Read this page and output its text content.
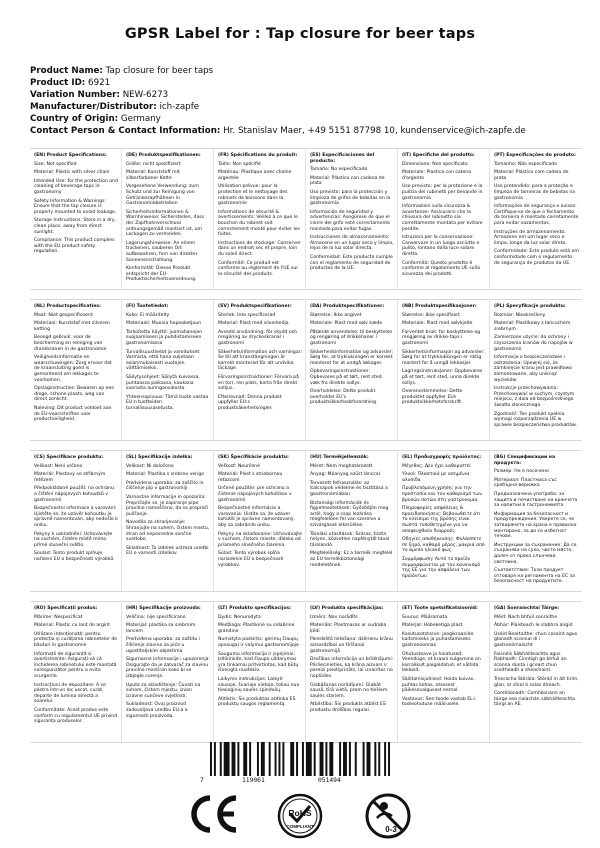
GPSR Label for : Tap closure for beer taps
Product Name: Tap closure for beer taps
Product ID: 6921
Variation Number: NEW-6273
Manufacturer/Distributor: ich-zapfe
Country of Origin: Germany
Contact Person & Contact Information: Hr. Stanislav Maer, +49 5151 87798 10, kundenservice@ich-zapfe.de

(EN) Product Specifications:

Size: Not specified

Material: Plastic with silver chain

Intended Use: for the protection and cleaning of beverage taps in gastronomy

Safety Information & Warnings: Ensure that the tap closure is properly mounted to avoid leakage.

Storage Instructions: Store in a dry, clean place, away from direct sunlight.

Compliance: This product complies with the EU product safety regulation.

(DE) Produktspezifikationen:

Größe: nicht spezifiziert

Material: Kunststoff mit silberfarbener Kette

Vorgesehene Verwendung: zum Schutz und zur Reinigung von Getränkezapfhähnen in Gastronomiebetrieben

Sicherheitsinformationen & Warnhinweise: Sicherstellen, dass der Zapfhahnverschluss ordnungsgemäß montiert ist, um Leckagen zu vermeiden.

Lagerungshinweise: An einem trockenen, sauberen Ort aufbewahren, fern von direkter Sonneneinstrahlung.

Konformität: Dieses Produkt entspricht der EU-Produktsicherheitsverordnung.

(FR) Spécifications du produit:

Taille: Non spécifié

Matériau: Plastique avec chaîne argentée

Utilisation prévue: pour la protection et le nettoyage des robinets de boissons dans la gastronomie

Informations de sécurité & avertissements: Veillez à ce que le bouchon du robinet soit correctement monté pour éviter les fuites.

Instructions de stockage: Conserver dans un endroit sec et propre, loin du soleil direct.

Conformité: Ce produit est conforme au règlement de l'UE sur la sécurité des produits.

(ES) Especificaciones del producto:

Tamaño: No especificado

Material: Plástico con cadena de plata

Uso previsto: para la protección y limpieza de grifos de bebidas en la gastronomía

Información de seguridad y advertencias: Asegúrese de que el cierre del grifo esté correctamente montado para evitar fugas.

Instrucciones de almacenamiento: Almacene en un lugar seco y limpio, lejos de la luz solar directa.

Conformidad: Este producto cumple con el reglamento de seguridad de productos de la UE.

(IT) Specifiche del prodotto:

Dimensione: Non specificato

Materiale: Plastica con catena d'argento

Uso previsto: per la protezione e la pulizia dei rubinetti per bevande in gastronomia

Informazioni sulla sicurezza & avvertenze: Assicurarsi che la chiusura del rubinetto sia correttamente montata per evitare perdite.

Istruzioni per la conservazione: Conservare in un luogo asciutto e pulito, lontano dalla luce solare diretta.

Conformità: Questo prodotto è conforme al regolamento UE sulla sicurezza dei prodotti.

(PT) Especificações do produto:

Tamanho: Não especificado

Material: Plástico com cadeia de prata

Uso pretendido: para a proteção e limpeza de torneiras de bebidas na gastronomia

Informações de segurança e avisos: Certifique-se de que o fechamento da torneira é montado corretamente para evitar vazamentos.

Instruções de armazenamento: Armazene em um lugar seco e limpo, longe da luz solar direta.

Conformidade: Este produto está em conformidade com o regulamento de segurança de produtos da UE.

(NL) Productspecificaties:

Maat: Niet gespecificeerd

Materiaal: Kunststof met zilveren ketting

Beoogd gebruik: voor de bescherming en reiniging van drankkranen in de gastronomie

Veiligheidsinformatie en waarschuwingen: Zorg ervoor dat de kraansluiting goed is gemonteerd om lekkages te voorkomen.

Opslaginstructies: Bewaren op een droge, schone plaats, weg van direct zonlicht.

Naleving: Dit product voldoet aan de EU-voorschriften voor productveiligheid.

(FI) Tuotetiedot:

Koko: Ei määritelty

Materiaali: Muovia hopeaketjuun

Tarkoitettu käyttö: juomahanojen suojaamiseen ja puhdistamiseen gastronomiassa

Turvallisuustiedot ja varoitukset: Varmista, että hana suljetaan asianmukaisesti vuotojen välttämiseksi.

Säilytysohjeet: Säilytä kuivassa, puhtaassa paikassa, kaukana suorasta auringonvalosta.

Yhteensopivuus: Tämä tuote vastaa EU:n tuotteiden turvallisuusasetusta.

(SV) Produktspecifikationer:

Storlek: Inte specificerad

Material: Plast med silverkedja

Avsedd användning: för skydd och rengöring av dryckeskranar i gastronomi

Säkerhetsinformation och varningar: Se till att kranstängningen är korrekt monterad för att undvika läckage.

Förvaringsinstruktioner: Förvara på en torr, ren plats, borta från direkt solljus.

Efterlevnad: Denna produkt uppfyller EU:s produktsäkerhetsregler.

(DA) Produktspecifikationer:

Størrelse: Ikke angivet

Materiale: Plast med sølv kæde

Påtænkt anvendelse: til beskyttelse og rengøring af drikkehaner i gastronomi

Sikkerhedsinformation og advarsler: Sørg for, at tryklukningen er korrekt monteret for at undgå lækager.

Opbevaringsinstruktioner: Opbevares på et tørt, rent sted, væk fra direkte sollys.

Overholdelse: Dette produkt overholder EU's produktsikkerhedsforordning.

(NB) Produktspesifikasjoner:

Størrelse: Ikke spesifisert

Materiale: Plast med sølvkjede

Forventet bruk: for beskyttelse og rengjøring av drikke-taps i gastronomi

Sikkerhetsinformasjon og advarsler: Sørg for at trykklukkingen er riktig montert for å unngå lekkasjer.

Lagringsinstruksjoner: Oppbevares på et tørt, rent sted, unna direkte sollys.

Overensstemmelse: Dette produktet oppfyller EUs produktsikkerhetsforskrift.

(PL) Specyfikacje produktu:

Rozmiar: Nieokreślony

Materiał: Plastikowy z łańcuchem srebrnym

Zamierzone użycie: do ochrony i czyszczenia kranów do napojów w gastronomii

Informacje o bezpieczeństwie i ostrzeżenia: Upewnij się, że zamknięcie kranu jest prawidłowo zamontowane, aby uniknąć wycieków.

Instrukcje przechowywania: Przechowywać w suchym, czystym miejscu, z dala od bezpośredniego światła słonecznego.

Zgodność: Ten produkt spełnia wymogi rozporządzenia UE w sprawie bezpieczeństwa produktów.

(CS) Specifikace produktu:

Velikost: Není určeno

Materiál: Plastový se stříbrným řetězem

Předpokládané použití: na ochranu a čištění nápojových kohoutků v gastronomii

Bezpečnostní informace a varování: Ujistěte se, že uzávěr kohoutku je správně namontován, aby nedošlo k úniku.

Pokyny k uskladnění: Uchovávejte na suchém, čistém místě mimo přímé sluneční světlo.

Soulad: Tento produkt splňuje nařízení EU o bezpečnosti výrobků.

(SL) Specifikacije izdelka:

Velikost: Ni določeno

Material: Plastika s srebrno verigo

Predvidena uporaba: za zaščito in čiščenje pip v gastronomiji

Varnostne informacije in opozorila: Prepričajte se, je zapiranje pipe pravilno nameščeno, da se prepreči puščanje.

Navodila za shranjevanje: Shranjujte na suhem, čistem mestu, stran od neposredne sončne svetlobe.

Skladnost: Ta izdelek ustreza uredbi EU o varnosti izdelkov.

(SK) Špecifikácie produktu:

Veľkosť: Neurčené

Materiál: Plast s striebornou reťazcom

Určené použitie: pre ochranu a čistenie nápojových kohútikov v gastronómii

Bezpečnostné informácie a varovania: Uistite sa, že uzáver kohútik je správne namontovaný, aby sa zabránilo úniku.

Pokyny na skladovanie: Uchovávajte v suchom, čistom mieste, ďaleko od priameho slnečného žiarenia.

Súlad: Tento výrobok spĺňa nariadenie EÚ o bezpečnosti výrobkov.

(HU) Termékjellemzők:

Méret: Nem meghatározott

Anyag: Műanyag ezüst lánccal

Tervezett felhasználás: az italcsapok védelme és tisztítása a gasztronómiában

Biztonsági információk és figyelmeztetések: Győződjön meg arról, hogy a csap lezárása megfelelően fel van szerelve a szivárgások elkerülése.

Tárolási utasítások: Száraz, tiszta helyen, közvetlen napfénytől távol tárolandó.

Megfelelőség: Ez a termék megfelel az EU termékbiztonsági rendeletének.

(EL) Προδιαγραφές προϊόντος:

Μέγεθος: Δεν έχει καθοριστεί

Υλικό: Πλαστικό με ασημένια αλυσίδα

Προβλεπόμενη χρήση: για την προστασία και τον καθαρισμό των βρυσών ποτών στη γαστρονομία

Πληροφορίες ασφάλειας & προειδοποιήσεις: Βεβαιωθείτε ότι το κλείσιμο της βρύσης είναι σωστά τοποθετημένο για να αποφευχθούν διαρροές.

Οδηγίες αποθήκευσης: Φυλάσσετε σε ξηρό, καθαρό μέρος, μακριά από το άμεσο ηλιακό φως.

Συμμόρφωση: Αυτό το προϊόν συμμορφώνεται με τον κανονισμό της ΕΕ για την ασφάλεια των προϊόντων.

(BG) Спецификации на продукта:

Размер: Не е посочено

Материал: Пластмаса със сребърна верижка

Предназначена употреба: за защита и почистване на кранчета за напитки в гастрономията

Информация за безопасност и предупреждения: Уверете се, че затварянето на крана е правилно монтирано, за да се избегнат течове.

Инструкции за съхранение: Да се съхранява на сухо, чисто място, далеч от пряка слънчева светлина.

Съответствие: Този продукт отговаря на регламента на ЕС за безопасност на продуктите.

(RO) Specificații produs:

Mărime: Nespecificat

Material: Plastic cu lanț de argint

Utilizare intenționată: pentru protecția și curățarea robinetelor de băuturi în gastronomie

Informații de siguranță și avertismente: Asigurați-vă că închiderea robinetului este montată corespunzător pentru a evita scurgerile.

Instrucțiuni de depozitare: A se păstra într-un loc uscat, curat, departe de lumina directă a soarelui.

Conformitate: Acest produs este conform cu regulamentul UE privind siguranța produselor.

(HR) Specifikacije proizvoda:

Veličina: nije specificirano

Materijal: plastika sa srebrnim lancem

Predviđena uporaba: za zaštitu i čišćenje slavina za piće u ugostiteljskim objektima

Sigurnosne informacije i upozorenja: Osigurajte da je zatvarač za slavinu pravilno montiran kako bi se izbjeglo curenje.

Upute za skladištenje: Čuvati na suhom, čistom mjestu, izvan izravne sunčeve svjetlosti.

Sukladnost: Ovaj proizvod zadovoljava uredbu EU-a o sigurnosti proizvoda.

(LT) Produkto specifikacijos:

Dydis: Nenurodyta

Medžiaga: Plastikinė su sidabrine grandine

Numatyta paskirtis: gėrimų čiaupų apsaugai ir valymui gastronomijoje

Saugumo informacija ir įspėjimai: Įsitikinkite, kad čiaupo uždarymas yra tinkamai pritvirtintas, kad būtų išvengta nuotėkio.

Laikymo instrukcijos: Laikyti sausoje, švarioje vietoje, toliau nuo tiesioginių saulės spindulių.

Atitiktis: Šis produktas atitinka ES produktų saugos reglamentą.

(LV) Produkta specifikācijas:

Izmērs: Nav norādīts

Materiāls: Plastmasas ar sudraba ķēdi

Paredzētā lietošana: dzērienu krānu aizsardzībai un tīrīšanai gastronomijā

Drošības informācija un brīdinājumi: Pārliecinieties, ka krāna aizvars ir pareizi piestiprināts, lai izvairītos no noplūdes.

Glabāšanas norādījumi: Glabāt sausā, tīrā vietā, prom no tiešiem saules stariem.

Atbilstība: Šis produkts atbilst ES produktu drošības regulai.

(ET) Toote spetsifikatsioonid:

Suurus: Määramata

Materjal: Hõbeketiga plast

Kasutusotstarve: joogikraanide kaitsmiseks ja puhastamiseks gastronoomias

Ohutusteave ja hoiatused: Veenduge, et kraani sulgemine on korralikult paigaldatud, et vältida lekkeid.

Säilitamisjuhised: Hoida kuivas, puhtas kohas, otsesest päikesevalgusest eemal.

Vastavus: See toode vastab EL-i tooteohutuse määrusele.

(GA) Sonraíochtaí Táirge:

Méid: Nach bhfuil sonraithe

Ábhar: Plaisteach le slabhra airgid

Úsáid Beartaithe: chun cosaint agus glanadh sconnaí dí i gastronómaíocht

Faisnéis Sábháilteachta agus Rabhaidh: Cinntigh go bhfuil an sconna dúnta i gceart chun sceitheadh a sheachaint.

Treoracha Stórála: Stóráil in áit tirim, glan, ar shiúl ó solas díreach.

Comhlíonadh: Comhlíonann an táirge seo rialachán sábháilteachta táirgí an AE.

7	119061	051494
CE
RoHS
COMPLIANT	0-3
